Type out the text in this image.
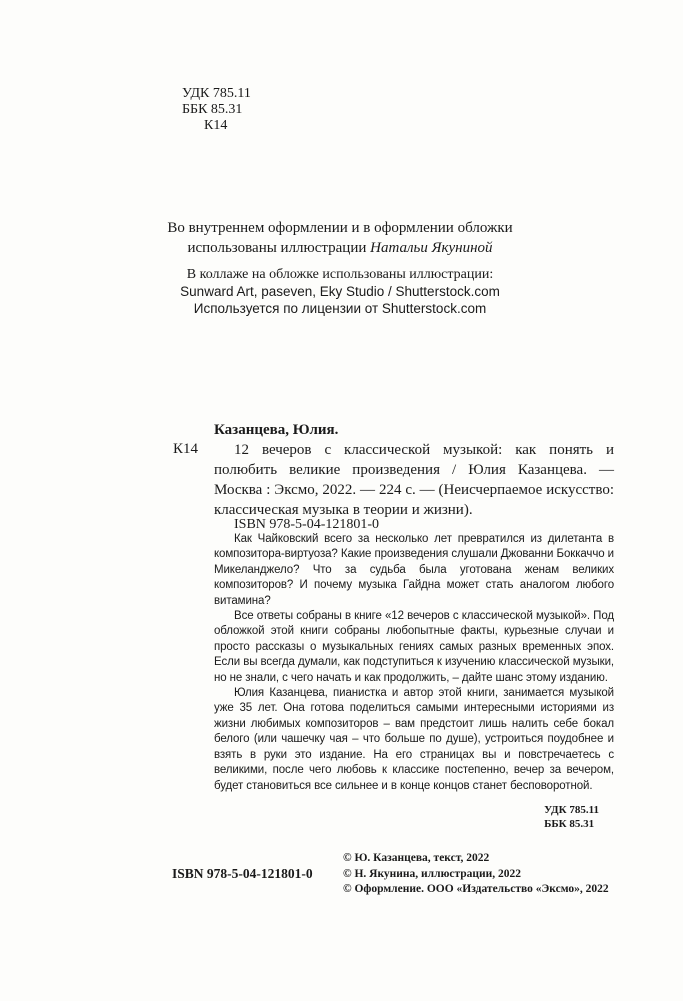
УДК 785.11
ББК 85.31
К14
Во внутреннем оформлении и в оформлении обложки
использованы иллюстрации Натальи Якуниной
В коллаже на обложке использованы иллюстрации:
Sunward Art, paseven, Eky Studio / Shutterstock.com
Используется по лицензии от Shutterstock.com
Казанцева, Юлия.
К14	12 вечеров с классической музыкой: как понять и полюбить великие произведения / Юлия Казанцева. — Москва : Эксмо, 2022. — 224 с. — (Неисчерпаемое искусство: классическая музыка в теории и жизни).

ISBN 978-5-04-121801-0

Как Чайковский всего за несколько лет превратился из дилетанта в композитора-виртуоза? Какие произведения слушали Джованни Боккаччо и Микеланджело? Что за судьба была уготована женам великих композиторов? И почему музыка Гайдна может стать аналогом любого витамина?

Все ответы собраны в книге «12 вечеров с классической музыкой». Под обложкой этой книги собраны любопытные факты, курьезные случаи и просто рассказы о музыкальных гениях самых разных временных эпох. Если вы всегда думали, как подступиться к изучению классической музыки, но не знали, с чего начать и как продолжить, – дайте шанс этому изданию.

Юлия Казанцева, пианистка и автор этой книги, занимается музыкой уже 35 лет. Она готова поделиться самыми интересными историями из жизни любимых композиторов – вам предстоит лишь налить себе бокал белого (или чашечку чая – что больше по душе), устроиться поудобнее и взять в руки это издание. На его страницах вы и повстречаетесь с великими, после чего любовь к классике постепенно, вечер за вечером, будет становиться все сильнее и в конце концов станет бесповоротной.

УДК 785.11
ББК 85.31
ISBN 978-5-04-121801-0
© Ю. Казанцева, текст, 2022
© Н. Якунина, иллюстрации, 2022
© Оформление. ООО «Издательство «Эксмо», 2022
